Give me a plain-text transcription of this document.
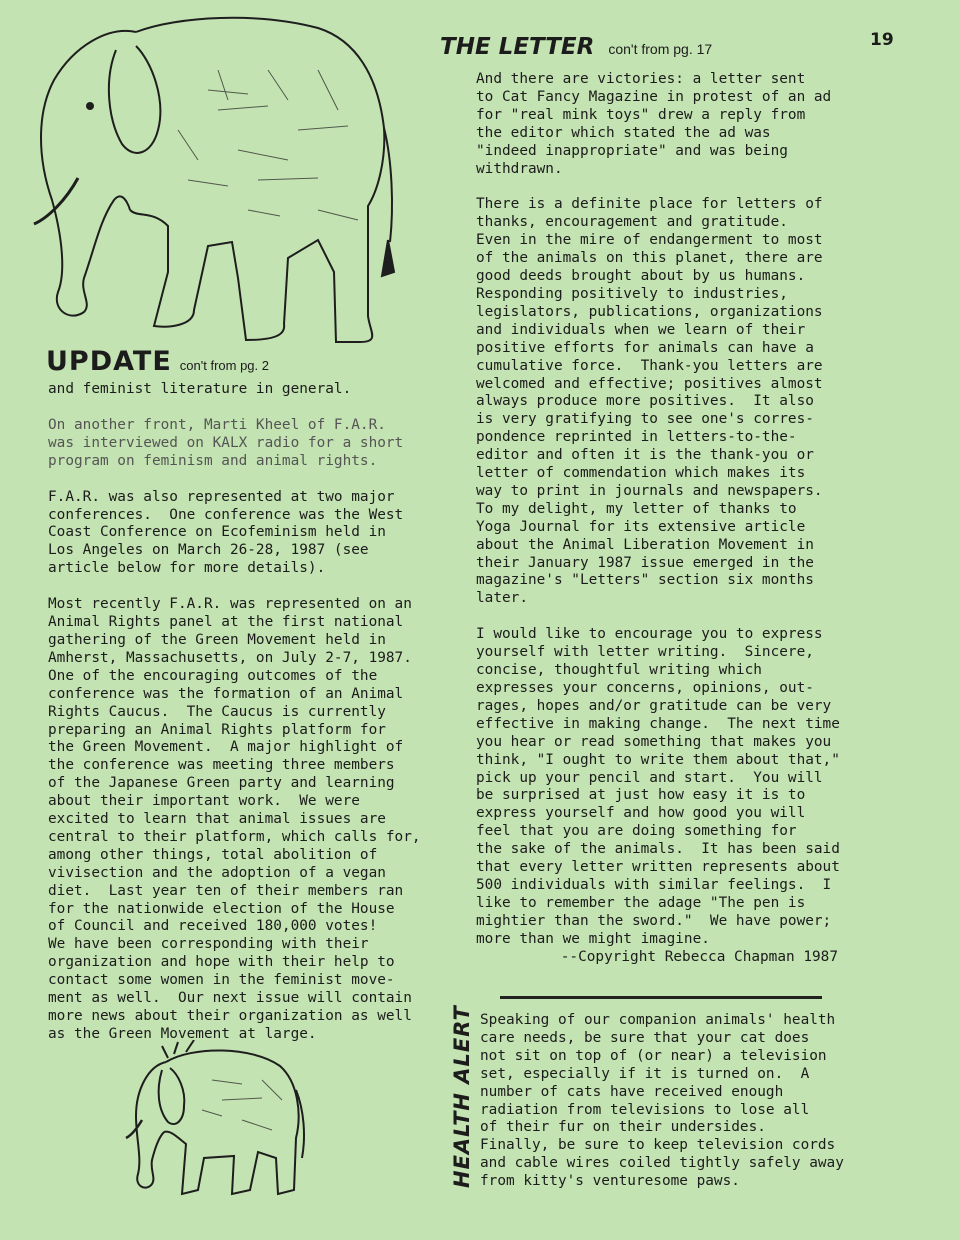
19
UPDATE con't from pg. 2

and feminist literature in general.

On another front, Marti Kheel of F.A.R.
was interviewed on KALX radio for a short
program on feminism and animal rights.

F.A.R. was also represented at two major
conferences.  One conference was the West
Coast Conference on Ecofeminism held in
Los Angeles on March 26-28, 1987 (see
article below for more details).

Most recently F.A.R. was represented on an
Animal Rights panel at the first national
gathering of the Green Movement held in
Amherst, Massachusetts, on July 2-7, 1987.
One of the encouraging outcomes of the
conference was the formation of an Animal
Rights Caucus.  The Caucus is currently
preparing an Animal Rights platform for
the Green Movement.  A major highlight of
the conference was meeting three members
of the Japanese Green party and learning
about their important work.  We were
excited to learn that animal issues are
central to their platform, which calls for,
among other things, total abolition of
vivisection and the adoption of a vegan
diet.  Last year ten of their members ran
for the nationwide election of the House
of Council and received 180,000 votes!
We have been corresponding with their
organization and hope with their help to
contact some women in the feminist move-
ment as well.  Our next issue will contain
more news about their organization as well
as the Green Movement at large.

THE LETTER con't from pg. 17

And there are victories: a letter sent
to Cat Fancy Magazine in protest of an ad
for "real mink toys" drew a reply from
the editor which stated the ad was
"indeed inappropriate" and was being
withdrawn.

There is a definite place for letters of
thanks, encouragement and gratitude.
Even in the mire of endangerment to most
of the animals on this planet, there are
good deeds brought about by us humans.
Responding positively to industries,
legislators, publications, organizations
and individuals when we learn of their
positive efforts for animals can have a
cumulative force.  Thank-you letters are
welcomed and effective; positives almost
always produce more positives.  It also
is very gratifying to see one's corres-
pondence reprinted in letters-to-the-
editor and often it is the thank-you or
letter of commendation which makes its
way to print in journals and newspapers.
To my delight, my letter of thanks to
Yoga Journal for its extensive article
about the Animal Liberation Movement in
their January 1987 issue emerged in the
magazine's "Letters" section six months
later.

I would like to encourage you to express
yourself with letter writing.  Sincere,
concise, thoughtful writing which
expresses your concerns, opinions, out-
rages, hopes and/or gratitude can be very
effective in making change.  The next time
you hear or read something that makes you
think, "I ought to write them about that,"
pick up your pencil and start.  You will
be surprised at just how easy it is to
express yourself and how good you will
feel that you are doing something for
the sake of the animals.  It has been said
that every letter written represents about
500 individuals with similar feelings.  I
like to remember the adage "The pen is
mightier than the sword."  We have power;
more than we might imagine.

--Copyright Rebecca Chapman 1987

HEALTH ALERT Speaking of our companion animals' health
care needs, be sure that your cat does
not sit on top of (or near) a television
set, especially if it is turned on.  A
number of cats have received enough
radiation from televisions to lose all
of their fur on their undersides.
Finally, be sure to keep television cords
and cable wires coiled tightly safely away
from kitty's venturesome paws.
